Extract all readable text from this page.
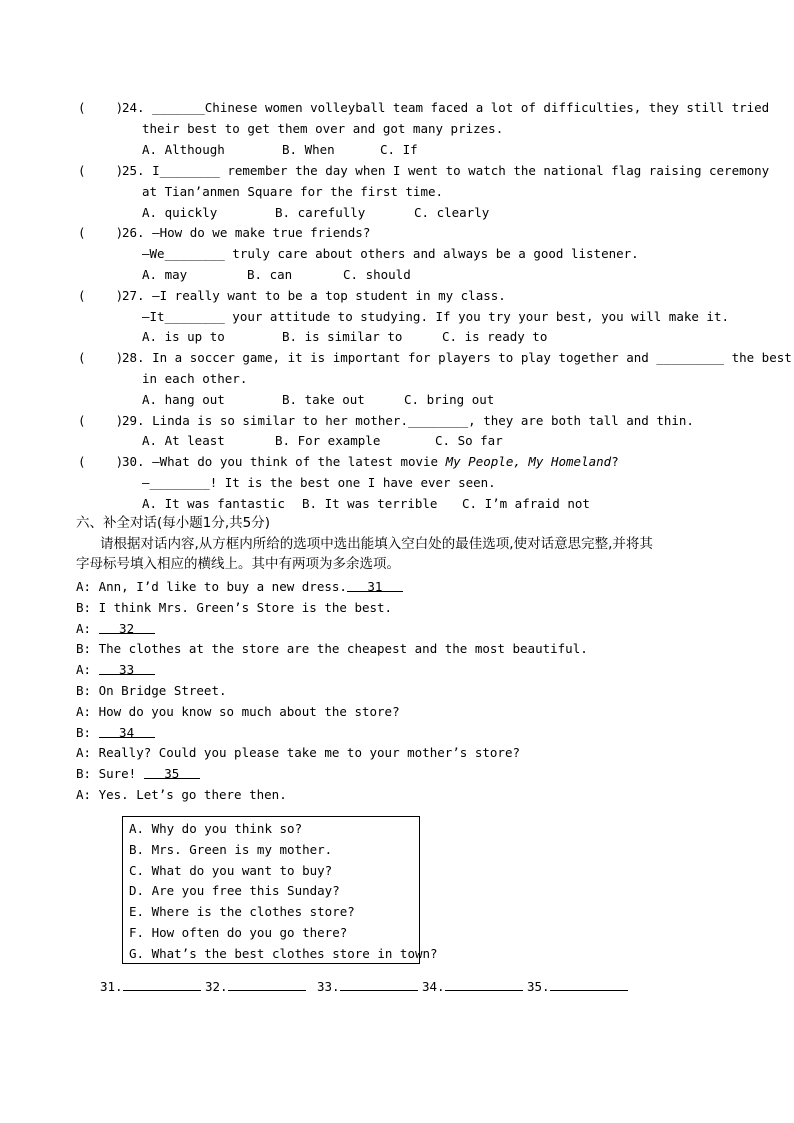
(    )
24. _______Chinese women volleyball team faced a lot of difficulties, they still tried
their best to get them over and got many prizes.
A. Although	B. When	C. If
(    )
25. I________ remember the day when I went to watch the national flag raising ceremony
at Tian’anmen Square for the first time.
A. quickly	B. carefully	C. clearly
(    )
26. —How do we make true friends?
—We________ truly care about others and always be a good listener.
A. may	B. can	C. should
(    )
27. —I really want to be a top student in my class.
—It________ your attitude to studying. If you try your best, you will make it.
A. is up to	B. is similar to	C. is ready to
(    )
28. In a soccer game, it is important for players to play together and _________ the best
in each other.
A. hang out	B. take out	C. bring out
(    )
29. Linda is so similar to her mother.________, they are both tall and thin.
A. At least	B. For example	C. So far
(    )
30. —What do you think of the latest movie My People, My Homeland?
—________! It is the best one I have ever seen.
A. It was fantastic B. It was terrible C. I’m afraid not
六、补全对话(每小题1分,共5分)
请根据对话内容,从方框内所给的选项中选出能填入空白处的最佳选项,使对话意思完整,并将其
字母标号填入相应的横线上。其中有两项为多余选项。
A: Ann, I’d like to buy a new dress. 31
B: I think Mrs. Green’s Store is the best.
A: 32
B: The clothes at the store are the cheapest and the most beautiful.
A: 33
B: On Bridge Street.
A: How do you know so much about the store?
B: 34
A: Really? Could you please take me to your mother’s store?
B: Sure! 35
A: Yes. Let’s go there then.
A. Why do you think so?
B. Mrs. Green is my mother.
C. What do you want to buy?
D. Are you free this Sunday?
E. Where is the clothes store?
F. How often do you go there?
G. What’s the best clothes store in town?
31.	32.	33.	34.	35.
